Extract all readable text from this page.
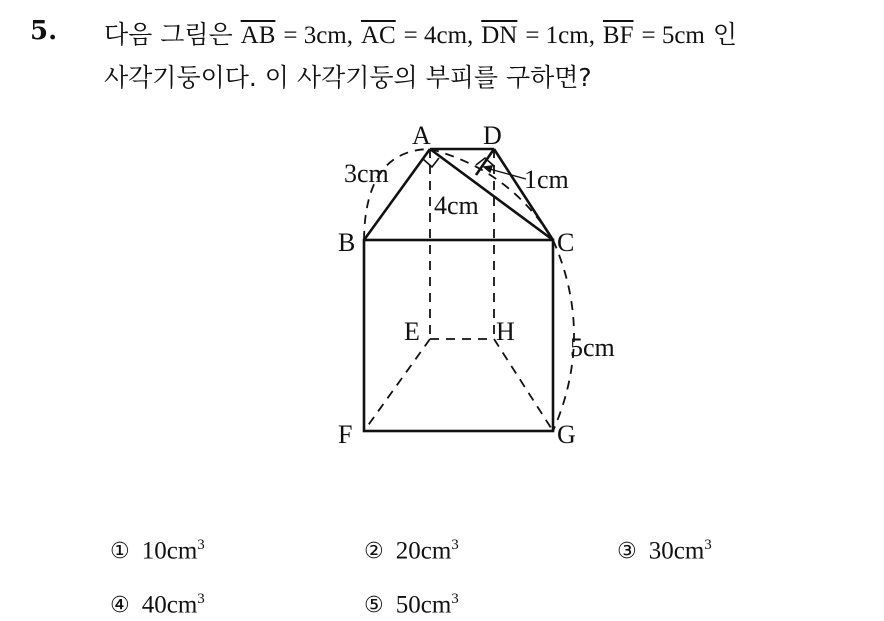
5. 다음 그림은 $\overline{AB} = 3cm$, $\overline{AC} = 4cm$, $\overline{DN} = 1cm$, $\overline{BF} = 5cm$ 인
사각기둥이다. 이 사각기둥의 부피를 구하면?
A D
B	C
E	H
F	G
3cm	1cm
4cm
5cm
① $10cm^3$	② $20cm^3$	③ $30cm^3$
④ $40cm^3$	⑤ $50cm^3$
